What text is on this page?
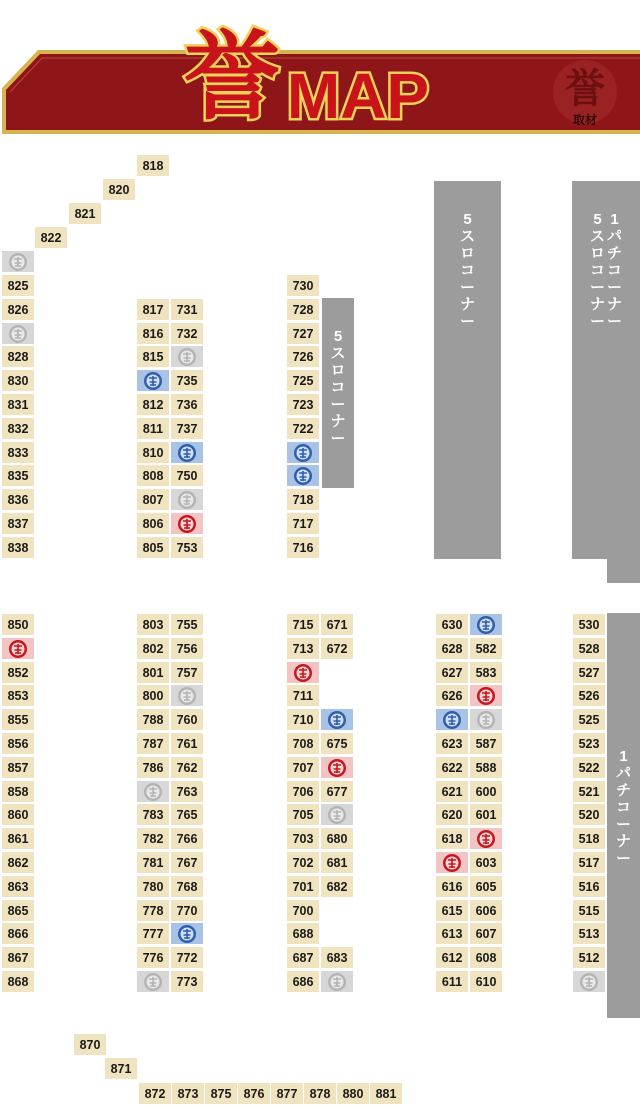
誉
取材
誉 MAP
5スロコーナー
5スロコーナー
5スロコーナー1パチコーナー
1パチコーナー
818
820
821
822
825
826
828
830
831
832
833
835
836
837
838
817
816
815
812
811
810
808
807
806
805
731
732
735
736
737
750
753
730
728
727
726
725
723
722
718
717
716
850
852
853
855
856
857
858
860
861
862
863
865
866
867
868
803
802
801
800
788
787
786
783
782
781
780
778
777
776
755
756
757
760
761
762
763
765
766
767
768
770
772
773
715
713
711
710
708
707
706
705
703
702
701
700
688
687
686
671
672
675
677
680
681
682
683
630
628
627
626
623
622
621
620
618
616
615
613
612
611
582
583
587
588
600
601
603
605
606
607
608
610
530
528
527
526
525
523
522
521
520
518
517
516
515
513
512
870
871
872 873 875 876 877 878 880 881
